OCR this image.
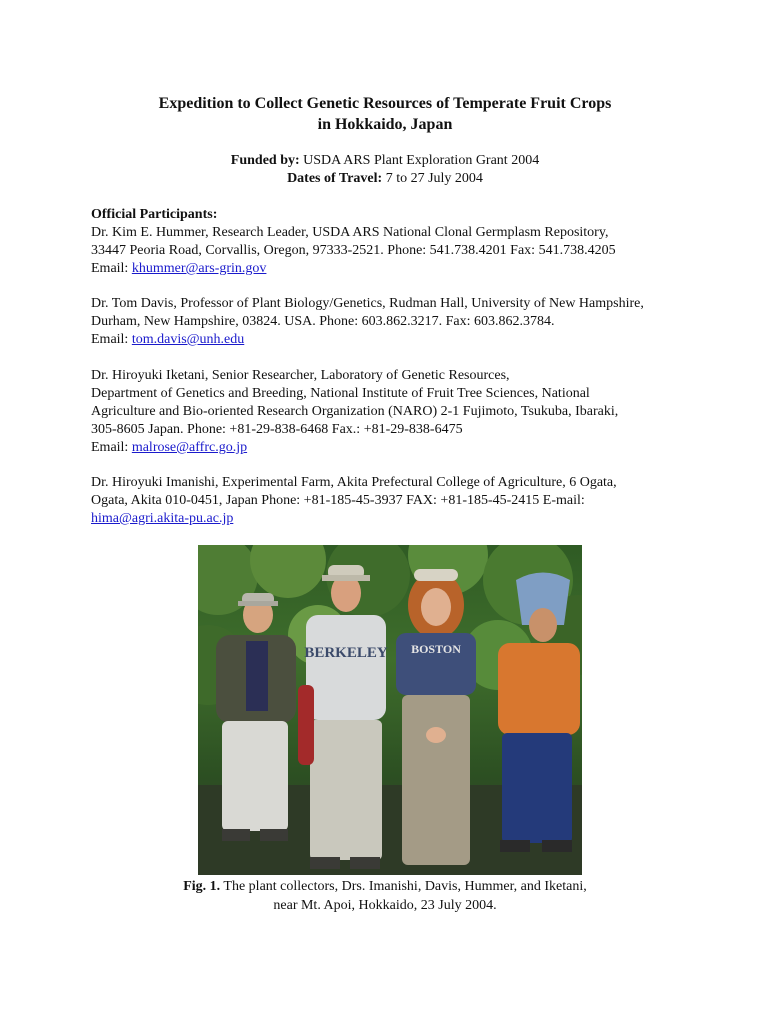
Expedition to Collect Genetic Resources of Temperate Fruit Crops
in Hokkaido, Japan
Funded by: USDA ARS Plant Exploration Grant 2004
Dates of Travel: 7 to 27 July 2004
Official Participants:
Dr. Kim E. Hummer, Research Leader, USDA ARS National Clonal Germplasm Repository,
33447 Peoria Road, Corvallis, Oregon, 97333-2521. Phone: 541.738.4201 Fax: 541.738.4205
Email: khummer@ars-grin.gov
Dr. Tom Davis, Professor of Plant Biology/Genetics, Rudman Hall, University of New Hampshire,
Durham, New Hampshire, 03824. USA. Phone: 603.862.3217. Fax: 603.862.3784.
Email: tom.davis@unh.edu
Dr. Hiroyuki Iketani, Senior Researcher, Laboratory of Genetic Resources,
Department of Genetics and Breeding, National Institute of Fruit Tree Sciences, National
Agriculture and Bio-oriented Research Organization (NARO) 2-1 Fujimoto, Tsukuba, Ibaraki,
305-8605 Japan. Phone: +81-29-838-6468 Fax.: +81-29-838-6475
Email: malrose@affrc.go.jp
Dr. Hiroyuki Imanishi, Experimental Farm, Akita Prefectural College of Agriculture, 6 Ogata,
Ogata, Akita 010-0451, Japan Phone: +81-185-45-3937 FAX: +81-185-45-2415 E-mail:
hima@agri.akita-pu.ac.jp
BERKELEY BOSTON
Fig. 1. The plant collectors, Drs. Imanishi, Davis, Hummer, and Iketani,
near Mt. Apoi, Hokkaido, 23 July 2004.
